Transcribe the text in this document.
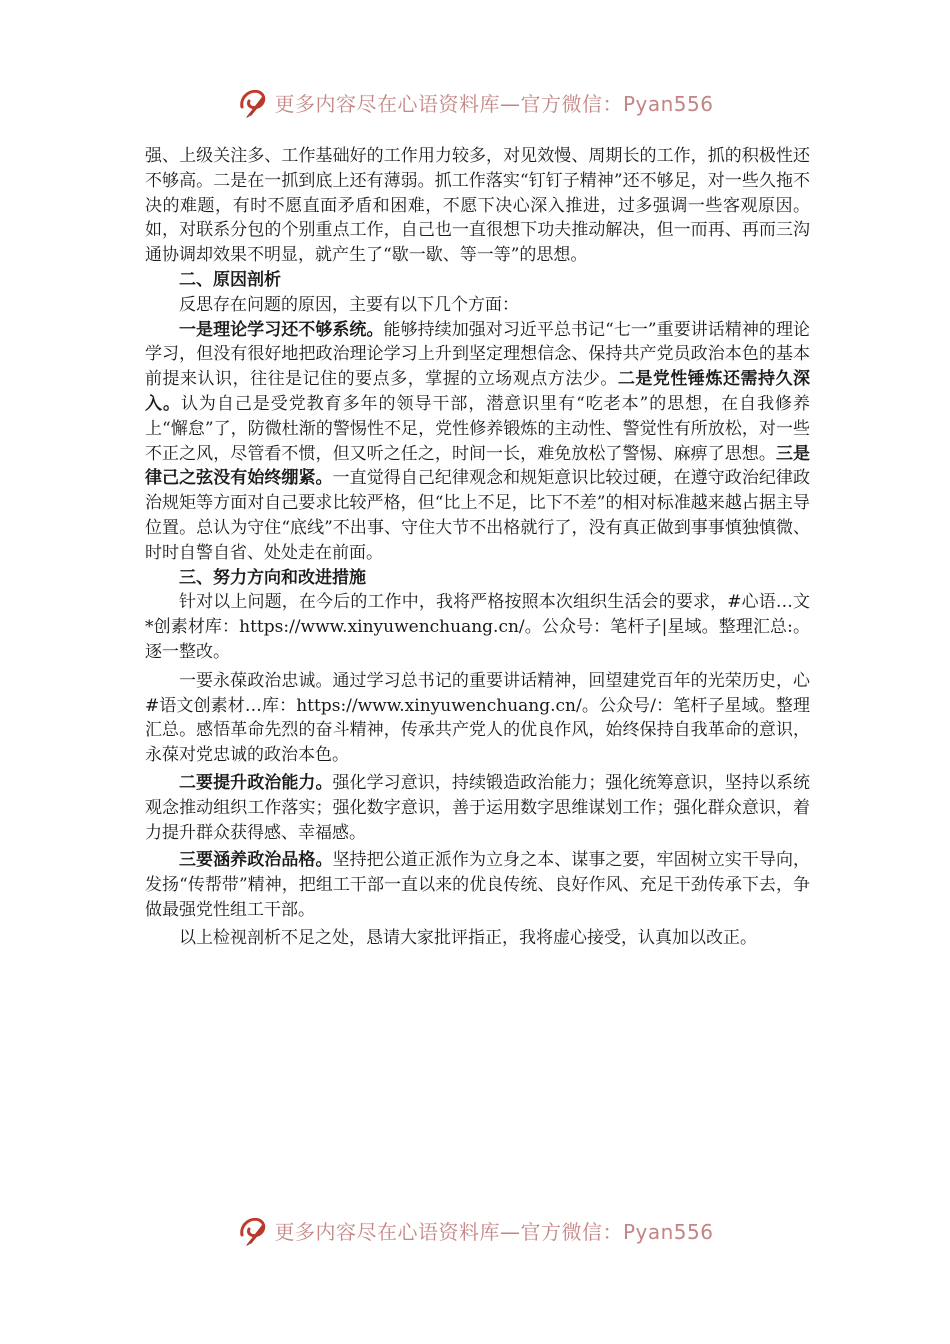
更多内容尽在心语资料库—官方微信：Pyan556

强、上级关注多、工作基础好的工作用力较多，对见效慢、周期长的工作，抓的积极性还不够高。二是在一抓到底上还有薄弱。抓工作落实“钉钉子精神”还不够足，对一些久拖不决的难题，有时不愿直面矛盾和困难，不愿下决心深入推进，过多强调一些客观原因。如，对联系分包的个别重点工作，自己也一直很想下功夫推动解决，但一而再、再而三沟通协调却效果不明显，就产生了“歇一歇、等一等”的思想。

二、原因剖析

反思存在问题的原因，主要有以下几个方面：

一是理论学习还不够系统。能够持续加强对习近平总书记“七一”重要讲话精神的理论学习，但没有很好地把政治理论学习上升到坚定理想信念、保持共产党员政治本色的基本前提来认识，往往是记住的要点多，掌握的立场观点方法少。二是党性锤炼还需持久深入。认为自己是受党教育多年的领导干部，潜意识里有“吃老本”的思想，在自我修养上“懈怠”了，防微杜渐的警惕性不足，党性修养锻炼的主动性、警觉性有所放松，对一些不正之风，尽管看不惯，但又听之任之，时间一长，难免放松了警惕、麻痹了思想。三是律己之弦没有始终绷紧。一直觉得自己纪律观念和规矩意识比较过硬，在遵守政治纪律政治规矩等方面对自己要求比较严格，但“比上不足，比下不差”的相对标准越来越占据主导位置。总认为守住“底线”不出事、守住大节不出格就行了，没有真正做到事事慎独慎微、时时自警自省、处处走在前面。

三、努力方向和改进措施

针对以上问题，在今后的工作中，我将严格按照本次组织生活会的要求，#心语…文*创素材库：https://www.xinyuwenchuang.cn/。公众号：笔杆子|星域。整理汇总:。逐一整改。

一要永葆政治忠诚。通过学习总书记的重要讲话精神，回望建党百年的光荣历史，心#语文创素材…库：https://www.xinyuwenchuang.cn/。公众号/：笔杆子星域。整理汇总。感悟革命先烈的奋斗精神，传承共产党人的优良作风，始终保持自我革命的意识，永葆对党忠诚的政治本色。

二要提升政治能力。强化学习意识，持续锻造政治能力；强化统筹意识，坚持以系统观念推动组织工作落实；强化数字意识，善于运用数字思维谋划工作；强化群众意识，着力提升群众获得感、幸福感。

三要涵养政治品格。坚持把公道正派作为立身之本、谋事之要，牢固树立实干导向，发扬“传帮带”精神，把组工干部一直以来的优良传统、良好作风、充足干劲传承下去，争做最强党性组工干部。

以上检视剖析不足之处，恳请大家批评指正，我将虚心接受，认真加以改正。

更多内容尽在心语资料库—官方微信：Pyan556
